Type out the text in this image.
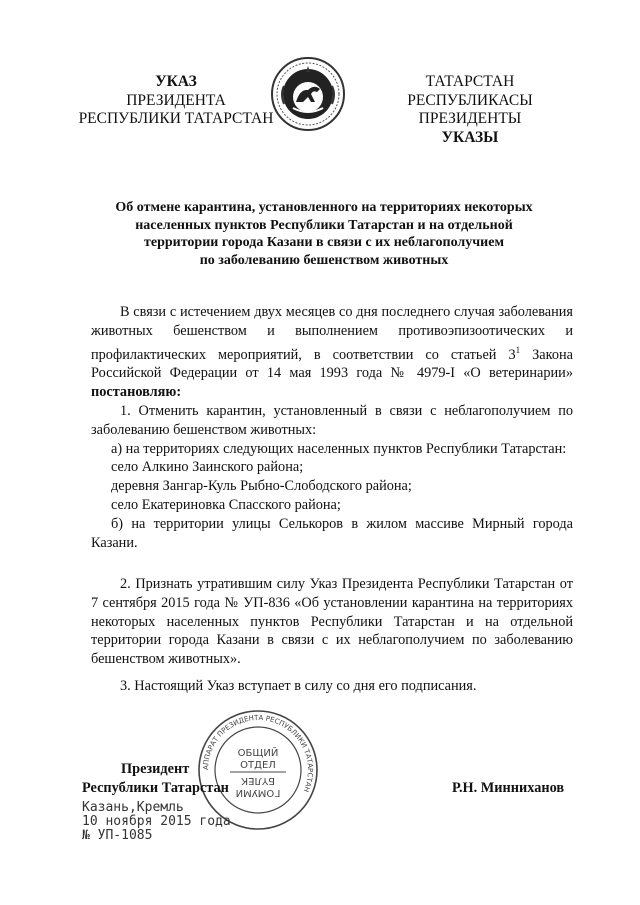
УКАЗ
ПРЕЗИДЕНТА
РЕСПУБЛИКИ ТАТАРСТАН
ТАТАРСТАН РЕСПУБЛИКАСЫ
ПРЕЗИДЕНТЫ
УКАЗЫ
Об отмене карантина, установленного на территориях некоторых
населенных пунктов Республики Татарстан и на отдельной
территории города Казани в связи с их неблагополучием
по заболеванию бешенством животных

В связи с истечением двух месяцев со дня последнего случая заболевания животных бешенством и выполнением противоэпизоотических и профилактических мероприятий, в соответствии со статьей $3^1$ Закона Российской Федерации от 14 мая 1993 года № 4979-I «О ветеринарии» постановляю:

1. Отменить карантин, установленный в связи с неблагополучием по заболеванию бешенством животных:

а) на территориях следующих населенных пунктов Республики Татарстан:

село Алкино Заинского района;

деревня Зангар-Куль Рыбно-Слободского района;

село Екатериновка Спасского района;

б) на территории улицы Селькоров в жилом массиве Мирный города Казани.

2. Признать утратившим силу Указ Президента Республики Татарстан от 7 сентября 2015 года № УП-836 «Об установлении карантина на территориях некоторых населенных пунктов Республики Татарстан и на отдельной территории города Казани в связи с их неблагополучием по заболеванию бешенством животных».

3. Настоящий Указ вступает в силу со дня его подписания.

АППАРАТ ПРЕЗИДЕНТА РЕСПУБЛИКИ ТАТАРСТАН
ОБЩИЙ
ОТДЕЛ
БҮЛЕК
ГОМУМИ
Президент
Республики Татарстан	Р.Н. Минниханов
Казань,Кремль
10 ноября 2015 года
№ УП-1085
